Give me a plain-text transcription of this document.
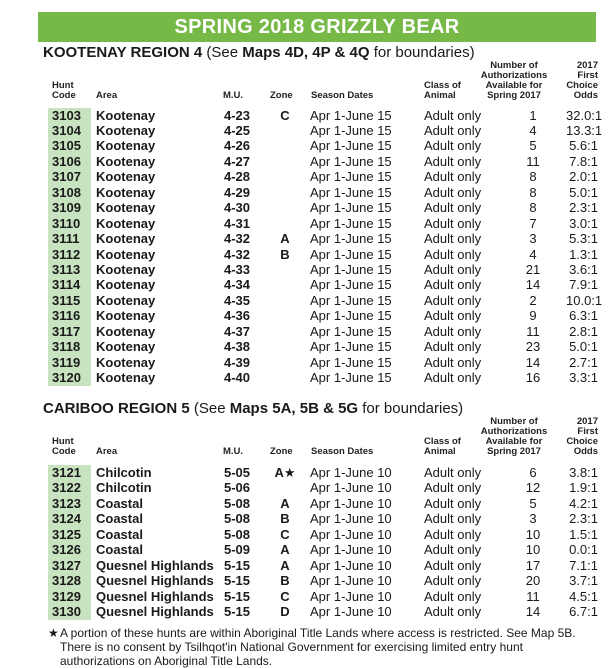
SPRING 2018 GRIZZLY BEAR
KOOTENAY REGION 4 (See Maps 4D, 4P & 4Q for boundaries)
Hunt
Code Area	M.U.	Zone Season Dates
Class of
Animal
Number of
Authorizations
Available for
Spring 2017
2017
First
Choice
Odds
3103 Kootenay	4-23	C	Apr 1-June 15 Adult only	1	32.0:1
3104 Kootenay	4-25	Apr 1-June 15 Adult only	4	13.3:1
3105 Kootenay	4-26	Apr 1-June 15 Adult only	5	5.6:1
3106 Kootenay	4-27	Apr 1-June 15 Adult only	11	7.8:1
3107 Kootenay	4-28	Apr 1-June 15 Adult only	8	2.0:1
3108 Kootenay	4-29	Apr 1-June 15 Adult only	8	5.0:1
3109 Kootenay	4-30	Apr 1-June 15 Adult only	8	2.3:1
3110 Kootenay	4-31	Apr 1-June 15 Adult only	7	3.0:1
3111 Kootenay	4-32	A	Apr 1-June 15 Adult only	3	5.3:1
3112 Kootenay	4-32	B	Apr 1-June 15 Adult only	4	1.3:1
3113 Kootenay	4-33	Apr 1-June 15 Adult only	21	3.6:1
3114 Kootenay	4-34	Apr 1-June 15 Adult only	14	7.9:1
3115 Kootenay	4-35	Apr 1-June 15 Adult only	2	10.0:1
3116 Kootenay	4-36	Apr 1-June 15 Adult only	9	6.3:1
3117 Kootenay	4-37	Apr 1-June 15 Adult only	11	2.8:1
3118 Kootenay	4-38	Apr 1-June 15 Adult only	23	5.0:1
3119 Kootenay	4-39	Apr 1-June 15 Adult only	14	2.7:1
3120 Kootenay	4-40	Apr 1-June 15 Adult only	16	3.3:1
CARIBOO REGION 5 (See Maps 5A, 5B & 5G for boundaries)
Hunt
Code Area	M.U.	Zone Season Dates
Class of
Animal
Number of
Authorizations
Available for
Spring 2017
2017
First
Choice
Odds
3121 Chilcotin	5-05 A★ Apr 1-June 10 Adult only	6	3.8:1
3122 Chilcotin	5-06	Apr 1-June 10 Adult only	12	1.9:1
3123 Coastal	5-08	A	Apr 1-June 10 Adult only	5	4.2:1
3124 Coastal	5-08	B	Apr 1-June 10 Adult only	3	2.3:1
3125 Coastal	5-08	C	Apr 1-June 10 Adult only	10	1.5:1
3126 Coastal	5-09	A	Apr 1-June 10 Adult only	10	0.0:1
3127 Quesnel Highlands 5-15	A	Apr 1-June 10 Adult only	17	7.1:1
3128 Quesnel Highlands 5-15	B	Apr 1-June 10 Adult only	20	3.7:1
3129 Quesnel Highlands 5-15	C	Apr 1-June 10 Adult only	11	4.5:1
3130 Quesnel Highlands 5-15	D	Apr 1-June 10 Adult only	14	6.7:1
★ A portion of these hunts are within Aboriginal Title Lands where access is restricted. See Map 5B. There is no consent by Tsilhqot'in National Government for exercising limited entry hunt authorizations on Aboriginal Title Lands.
